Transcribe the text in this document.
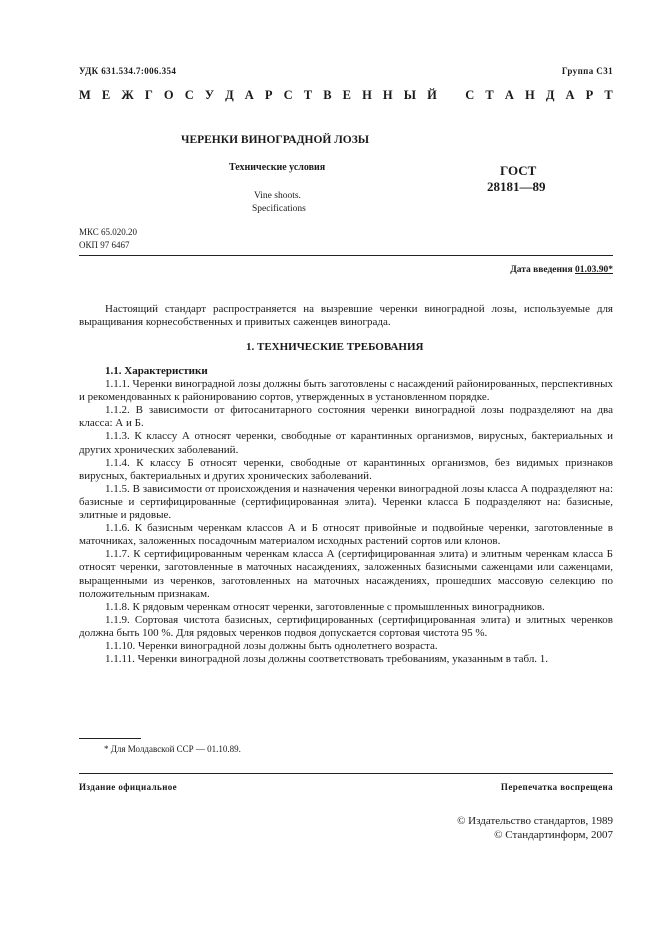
УДК 631.534.7:006.354	Группа С31
М Е Ж Г О С У Д А Р С Т В Е Н Н Ы Й
С Т А Н Д А Р Т
ЧЕРЕНКИ ВИНОГРАДНОЙ ЛОЗЫ
Технические условия
Vine shoots.
Specifications
ГОСТ
28181—89
МКС 65.020.20
ОКП 97 6467
Дата введения 01.03.90*

Настоящий стандарт распространяется на вызревшие черенки виноградной лозы, используемые для выращивания корнесобственных и привитых саженцев винограда.

1. ТЕХНИЧЕСКИЕ ТРЕБОВАНИЯ

1.1. Характеристики

1.1.1. Черенки виноградной лозы должны быть заготовлены с насаждений районированных, перспективных и рекомендованных к районированию сортов, утвержденных в установленном порядке.

1.1.2. В зависимости от фитосанитарного состояния черенки виноградной лозы подразделяют на два класса: А и Б.

1.1.3. К классу А относят черенки, свободные от карантинных организмов, вирусных, бактериальных и других хронических заболеваний.

1.1.4. К классу Б относят черенки, свободные от карантинных организмов, без видимых признаков вирусных, бактериальных и других хронических заболеваний.

1.1.5. В зависимости от происхождения и назначения черенки виноградной лозы класса А подразделяют на: базисные и сертифицированные (сертифицированная элита). Черенки класса Б подразделяют на: базисные, элитные и рядовые.

1.1.6. К базисным черенкам классов А и Б относят привойные и подвойные черенки, заготовленные в маточниках, заложенных посадочным материалом исходных растений сортов или клонов.

1.1.7. К сертифицированным черенкам класса А (сертифицированная элита) и элитным черенкам класса Б относят черенки, заготовленные в маточных насаждениях, заложенных базисными саженцами или саженцами, выращенными из черенков, заготовленных на маточных насаждениях, прошедших массовую селекцию по положительным признакам.

1.1.8. К рядовым черенкам относят черенки, заготовленные с промышленных виноградников.

1.1.9. Сортовая чистота базисных, сертифицированных (сертифицированная элита) и элитных черенков должна быть 100 %. Для рядовых черенков подвоя допускается сортовая чистота 95 %.

1.1.10. Черенки виноградной лозы должны быть однолетнего возраста.

1.1.11. Черенки виноградной лозы должны соответствовать требованиям, указанным в табл. 1.

* Для Молдавской ССР — 01.10.89.
Издание официальное	Перепечатка воспрещена
© Издательство стандартов, 1989
© Стандартинформ, 2007
